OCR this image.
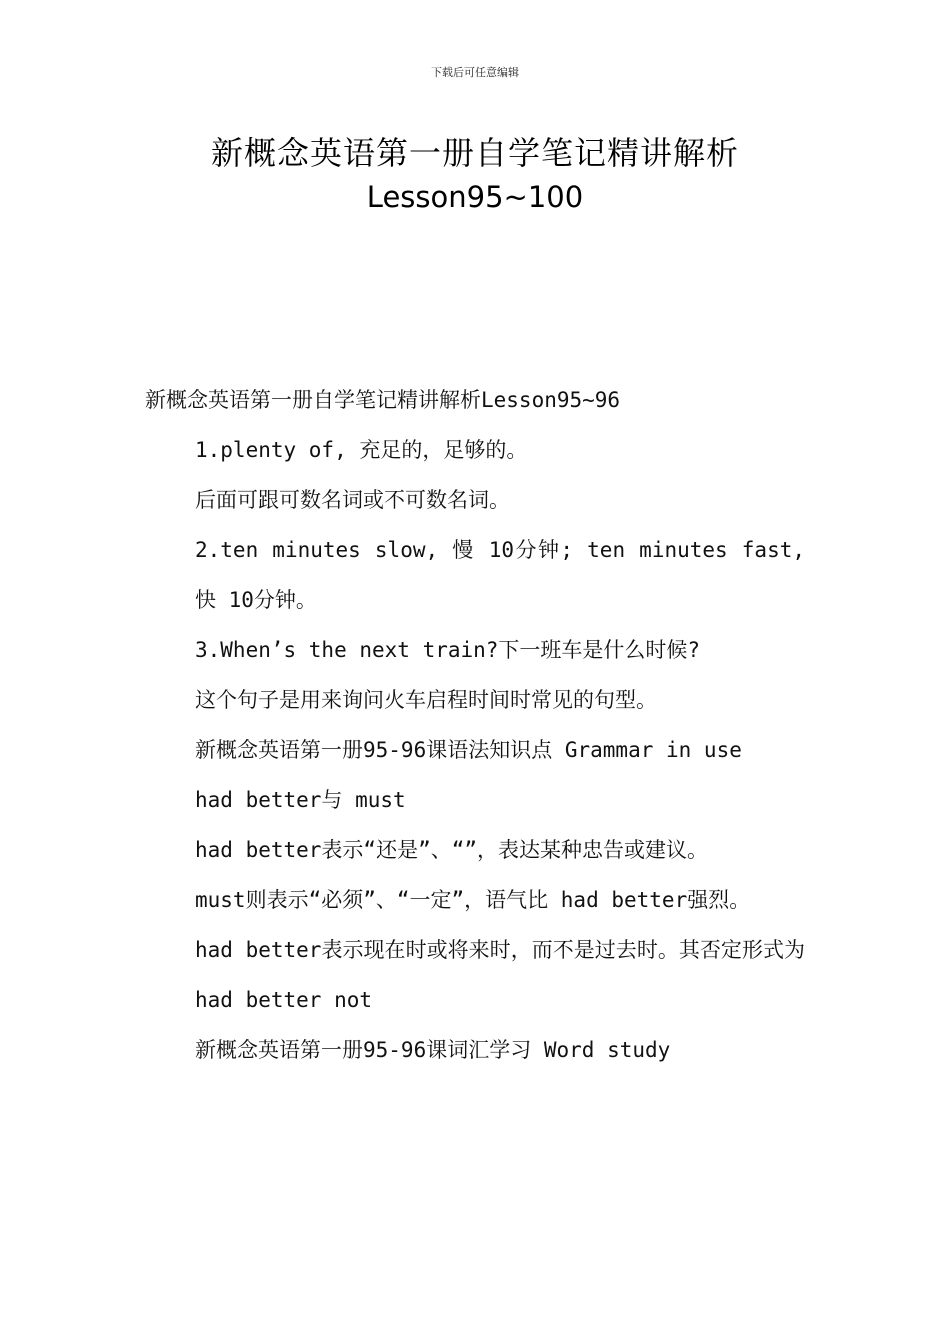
下载后可任意编辑
新概念英语第一册自学笔记精讲解析
Lesson95~100

新概念英语第一册自学笔记精讲解析Lesson95~96

1.plenty of, 充足的，足够的。

后面可跟可数名词或不可数名词。

2.ten minutes slow, 慢 10分钟; ten minutes fast, 快 10分钟。

3.When’s the next train?下一班车是什么时候?

这个句子是用来询问火车启程时间时常见的句型。

新概念英语第一册95-96课语法知识点 Grammar in use

had better与 must

had better表示“还是”、“”，表达某种忠告或建议。

must则表示“必须”、“一定”，语气比 had better强烈。

had better表示现在时或将来时，而不是过去时。其否定形式为 had better not

新概念英语第一册95-96课词汇学习 Word study
